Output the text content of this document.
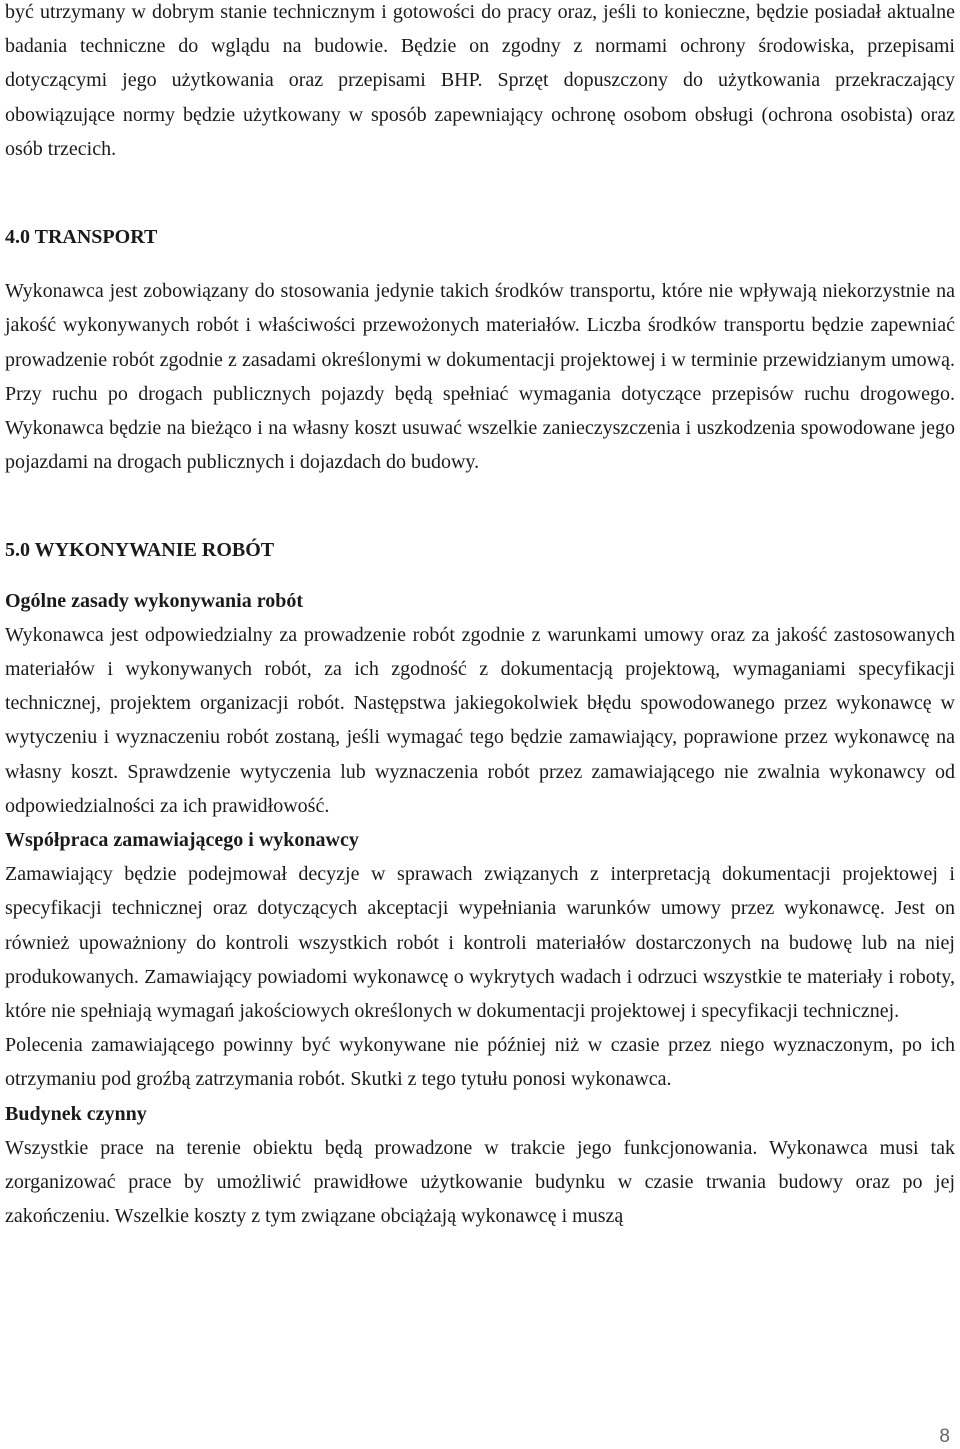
być utrzymany w dobrym stanie technicznym i gotowości do pracy oraz, jeśli to konieczne, będzie posiadał aktualne badania techniczne do wglądu na budowie. Będzie on zgodny z normami ochrony środowiska, przepisami dotyczącymi jego użytkowania oraz przepisami BHP. Sprzęt dopuszczony do użytkowania przekraczający obowiązujące normy będzie użytkowany w sposób zapewniający ochronę osobom obsługi (ochrona osobista) oraz osób trzecich.

4.0 TRANSPORT

Wykonawca jest zobowiązany do stosowania jedynie takich środków transportu, które nie wpływają niekorzystnie na jakość wykonywanych robót i właściwości przewożonych materiałów. Liczba środków transportu będzie zapewniać prowadzenie robót zgodnie z zasadami określonymi w dokumentacji projektowej i w terminie przewidzianym umową. Przy ruchu po drogach publicznych pojazdy będą spełniać wymagania dotyczące przepisów ruchu drogowego. Wykonawca będzie na bieżąco i na własny koszt usuwać wszelkie zanieczyszczenia i uszkodzenia spowodowane jego pojazdami na drogach publicznych i dojazdach do budowy.

5.0 WYKONYWANIE ROBÓT

Ogólne zasady wykonywania robót

Wykonawca jest odpowiedzialny za prowadzenie robót zgodnie z warunkami umowy oraz za jakość zastosowanych materiałów i wykonywanych robót, za ich zgodność z dokumentacją projektową, wymaganiami specyfikacji technicznej, projektem organizacji robót. Następstwa jakiegokolwiek błędu spowodowanego przez wykonawcę w wytyczeniu i wyznaczeniu robót zostaną, jeśli wymagać tego będzie zamawiający, poprawione przez wykonawcę na własny koszt. Sprawdzenie wytyczenia lub wyznaczenia robót przez zamawiającego nie zwalnia wykonawcy od odpowiedzialności za ich prawidłowość.

Współpraca zamawiającego i wykonawcy

Zamawiający będzie podejmował decyzje w sprawach związanych z interpretacją dokumentacji projektowej i specyfikacji technicznej oraz dotyczących akceptacji wypełniania warunków umowy przez wykonawcę. Jest on również upoważniony do kontroli wszystkich robót i kontroli materiałów dostarczonych na budowę lub na niej produkowanych. Zamawiający powiadomi wykonawcę o wykrytych wadach i odrzuci wszystkie te materiały i roboty, które nie spełniają wymagań jakościowych określonych w dokumentacji projektowej i specyfikacji technicznej.

Polecenia zamawiającego powinny być wykonywane nie później niż w czasie przez niego wyznaczonym, po ich otrzymaniu pod groźbą zatrzymania robót. Skutki z tego tytułu ponosi wykonawca.

Budynek czynny

Wszystkie prace na terenie obiektu będą prowadzone w trakcie jego funkcjonowania. Wykonawca musi tak zorganizować prace by umożliwić prawidłowe użytkowanie budynku w czasie trwania budowy oraz po jej zakończeniu. Wszelkie koszty z tym związane obciążają wykonawcę i muszą

8
